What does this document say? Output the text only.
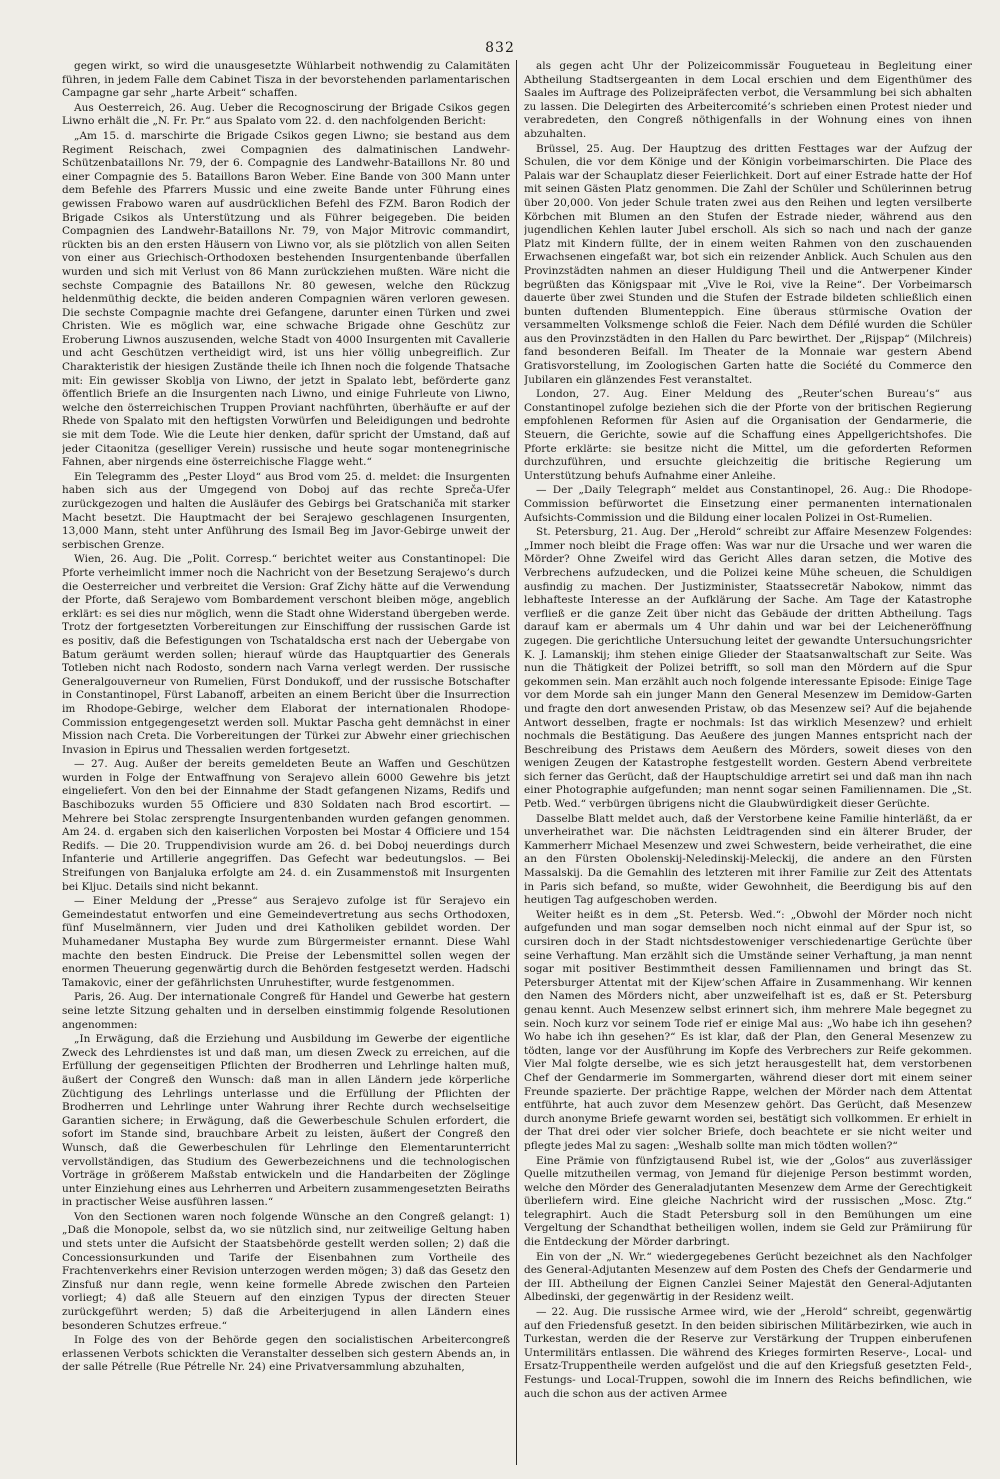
832

gegen wirkt, so wird die unausgesetzte Wühlarbeit nothwendig zu Calamitäten führen, in jedem Falle dem Cabinet Tisza in der bevorstehenden parlamentarischen Campagne gar sehr „harte Arbeit“ schaffen.

Aus Oesterreich, 26. Aug. Ueber die Recognoscirung der Brigade Csikos gegen Liwno erhält die „N. Fr. Pr.“ aus Spalato vom 22. d. den nachfolgenden Bericht:

„Am 15. d. marschirte die Brigade Csikos gegen Liwno; sie bestand aus dem Regiment Reischach, zwei Compagnien des dalmatinischen Landwehr-Schützenbataillons Nr. 79, der 6. Compagnie des Landwehr-Bataillons Nr. 80 und einer Compagnie des 5. Bataillons Baron Weber. Eine Bande von 300 Mann unter dem Befehle des Pfarrers Mussic und eine zweite Bande unter Führung eines gewissen Frabowo waren auf ausdrücklichen Befehl des FZM. Baron Rodich der Brigade Csikos als Unterstützung und als Führer beigegeben. Die beiden Compagnien des Landwehr-Bataillons Nr. 79, von Major Mitrovic commandirt, rückten bis an den ersten Häusern von Liwno vor, als sie plötzlich von allen Seiten von einer aus Griechisch-Orthodoxen bestehenden Insurgentenbande überfallen wurden und sich mit Verlust von 86 Mann zurückziehen mußten. Wäre nicht die sechste Compagnie des Bataillons Nr. 80 gewesen, welche den Rückzug heldenmüthig deckte, die beiden anderen Compagnien wären verloren gewesen. Die sechste Compagnie machte drei Gefangene, darunter einen Türken und zwei Christen. Wie es möglich war, eine schwache Brigade ohne Geschütz zur Eroberung Liwnos auszusenden, welche Stadt von 4000 Insurgenten mit Cavallerie und acht Geschützen vertheidigt wird, ist uns hier völlig unbegreiflich. Zur Charakteristik der hiesigen Zustände theile ich Ihnen noch die folgende Thatsache mit: Ein gewisser Skoblja von Liwno, der jetzt in Spalato lebt, beförderte ganz öffentlich Briefe an die Insurgenten nach Liwno, und einige Fuhrleute von Liwno, welche den österreichischen Truppen Proviant nachführten, überhäufte er auf der Rhede von Spalato mit den heftigsten Vorwürfen und Beleidigungen und bedrohte sie mit dem Tode. Wie die Leute hier denken, dafür spricht der Umstand, daß auf jeder Citaonitza (geselliger Verein) russische und heute sogar montenegrinische Fahnen, aber nirgends eine österreichische Flagge weht.“

Ein Telegramm des „Pester Lloyd“ aus Brod vom 25. d. meldet: die Insurgenten haben sich aus der Umgegend von Doboj auf das rechte Spreča-Ufer zurückgezogen und halten die Ausläufer des Gebirgs bei Gratschaniča mit starker Macht besetzt. Die Hauptmacht der bei Serajewo geschlagenen Insurgenten, 13,000 Mann, steht unter Anführung des Ismail Beg im Javor-Gebirge unweit der serbischen Grenze.

Wien, 26. Aug. Die „Polit. Corresp.“ berichtet weiter aus Constantinopel: Die Pforte verheimlicht immer noch die Nachricht von der Besetzung Serajewo’s durch die Oesterreicher und verbreitet die Version: Graf Zichy hätte auf die Verwendung der Pforte, daß Serajewo vom Bombardement verschont bleiben möge, angeblich erklärt: es sei dies nur möglich, wenn die Stadt ohne Widerstand übergeben werde. Trotz der fortgesetzten Vorbereitungen zur Einschiffung der russischen Garde ist es positiv, daß die Befestigungen von Tschataldscha erst nach der Uebergabe von Batum geräumt werden sollen; hierauf würde das Hauptquartier des Generals Totleben nicht nach Rodosto, sondern nach Varna verlegt werden. Der russische Generalgouverneur von Rumelien, Fürst Dondukoff, und der russische Botschafter in Constantinopel, Fürst Labanoff, arbeiten an einem Bericht über die Insurrection im Rhodope-Gebirge, welcher dem Elaborat der internationalen Rhodope-Commission entgegengesetzt werden soll. Muktar Pascha geht demnächst in einer Mission nach Creta. Die Vorbereitungen der Türkei zur Abwehr einer griechischen Invasion in Epirus und Thessalien werden fortgesetzt.

— 27. Aug. Außer der bereits gemeldeten Beute an Waffen und Geschützen wurden in Folge der Entwaffnung von Serajevo allein 6000 Gewehre bis jetzt eingeliefert. Von den bei der Einnahme der Stadt gefangenen Nizams, Redifs und Baschibozuks wurden 55 Officiere und 830 Soldaten nach Brod escortirt. — Mehrere bei Stolac zersprengte Insurgentenbanden wurden gefangen genommen. Am 24. d. ergaben sich den kaiserlichen Vorposten bei Mostar 4 Officiere und 154 Redifs. — Die 20. Truppendivision wurde am 26. d. bei Doboj neuerdings durch Infanterie und Artillerie angegriffen. Das Gefecht war bedeutungslos. — Bei Streifungen von Banjaluka erfolgte am 24. d. ein Zusammenstoß mit Insurgenten bei Kljuc. Details sind nicht bekannt.

— Einer Meldung der „Presse“ aus Serajevo zufolge ist für Serajevo ein Gemeindestatut entworfen und eine Gemeindevertretung aus sechs Orthodoxen, fünf Muselmännern, vier Juden und drei Katholiken gebildet worden. Der Muhamedaner Mustapha Bey wurde zum Bürgermeister ernannt. Diese Wahl machte den besten Eindruck. Die Preise der Lebensmittel sollen wegen der enormen Theuerung gegenwärtig durch die Behörden festgesetzt werden. Hadschi Tamakovic, einer der gefährlichsten Unruhestifter, wurde festgenommen.

Paris, 26. Aug. Der internationale Congreß für Handel und Gewerbe hat gestern seine letzte Sitzung gehalten und in derselben einstimmig folgende Resolutionen angenommen:

„In Erwägung, daß die Erziehung und Ausbildung im Gewerbe der eigentliche Zweck des Lehrdienstes ist und daß man, um diesen Zweck zu erreichen, auf die Erfüllung der gegenseitigen Pflichten der Brodherren und Lehrlinge halten muß, äußert der Congreß den Wunsch: daß man in allen Ländern jede körperliche Züchtigung des Lehrlings unterlasse und die Erfüllung der Pflichten der Brodherren und Lehrlinge unter Wahrung ihrer Rechte durch wechselseitige Garantien sichere; in Erwägung, daß die Gewerbeschule Schulen erfordert, die sofort im Stande sind, brauchbare Arbeit zu leisten, äußert der Congreß den Wunsch, daß die Gewerbeschulen für Lehrlinge den Elementarunterricht vervollständigen, das Studium des Gewerbezeichnens und die technologischen Vorträge in größerem Maßstab entwickeln und die Handarbeiten der Zöglinge unter Einziehung eines aus Lehrherren und Arbeitern zusammengesetzten Beiraths in practischer Weise ausführen lassen.“

Von den Sectionen waren noch folgende Wünsche an den Congreß gelangt: 1) „Daß die Monopole, selbst da, wo sie nützlich sind, nur zeitweilige Geltung haben und stets unter die Aufsicht der Staatsbehörde gestellt werden sollen; 2) daß die Concessionsurkunden und Tarife der Eisenbahnen zum Vortheile des Frachtenverkehrs einer Revision unterzogen werden mögen; 3) daß das Gesetz den Zinsfuß nur dann regle, wenn keine formelle Abrede zwischen den Parteien vorliegt; 4) daß alle Steuern auf den einzigen Typus der directen Steuer zurückgeführt werden; 5) daß die Arbeiterjugend in allen Ländern eines besonderen Schutzes erfreue.“

In Folge des von der Behörde gegen den socialistischen Arbeitercongreß erlassenen Verbots schickten die Veranstalter desselben sich gestern Abends an, in der salle Pétrelle (Rue Pétrelle Nr. 24) eine Privatversammlung abzuhalten,

als gegen acht Uhr der Polizeicommissär Fougueteau in Begleitung einer Abtheilung Stadtsergeanten in dem Local erschien und dem Eigenthümer des Saales im Auftrage des Polizeipräfecten verbot, die Versammlung bei sich abhalten zu lassen. Die Delegirten des Arbeitercomité’s schrieben einen Protest nieder und verabredeten, den Congreß nöthigenfalls in der Wohnung eines von ihnen abzuhalten.

Brüssel, 25. Aug. Der Hauptzug des dritten Festtages war der Aufzug der Schulen, die vor dem Könige und der Königin vorbeimarschirten. Die Place des Palais war der Schauplatz dieser Feierlichkeit. Dort auf einer Estrade hatte der Hof mit seinen Gästen Platz genommen. Die Zahl der Schüler und Schülerinnen betrug über 20,000. Von jeder Schule traten zwei aus den Reihen und legten versilberte Körbchen mit Blumen an den Stufen der Estrade nieder, während aus den jugendlichen Kehlen lauter Jubel erscholl. Als sich so nach und nach der ganze Platz mit Kindern füllte, der in einem weiten Rahmen von den zuschauenden Erwachsenen eingefaßt war, bot sich ein reizender Anblick. Auch Schulen aus den Provinzstädten nahmen an dieser Huldigung Theil und die Antwerpener Kinder begrüßten das Königspaar mit „Vive le Roi, vive la Reine“. Der Vorbeimarsch dauerte über zwei Stunden und die Stufen der Estrade bildeten schließlich einen bunten duftenden Blumenteppich. Eine überaus stürmische Ovation der versammelten Volksmenge schloß die Feier. Nach dem Défilé wurden die Schüler aus den Provinzstädten in den Hallen du Parc bewirthet. Der „Rijspap“ (Milchreis) fand besonderen Beifall. Im Theater de la Monnaie war gestern Abend Gratisvorstellung, im Zoologischen Garten hatte die Société du Commerce den Jubilaren ein glänzendes Fest veranstaltet.

London, 27. Aug. Einer Meldung des „Reuter’schen Bureau’s“ aus Constantinopel zufolge beziehen sich die der Pforte von der britischen Regierung empfohlenen Reformen für Asien auf die Organisation der Gendarmerie, die Steuern, die Gerichte, sowie auf die Schaffung eines Appellgerichtshofes. Die Pforte erklärte: sie besitze nicht die Mittel, um die geforderten Reformen durchzuführen, und ersuchte gleichzeitig die britische Regierung um Unterstützung behufs Aufnahme einer Anleihe.

— Der „Daily Telegraph“ meldet aus Constantinopel, 26. Aug.: Die Rhodope-Commission befürwortet die Einsetzung einer permanenten internationalen Aufsichts-Commission und die Bildung einer localen Polizei in Ost-Rumelien.

St. Petersburg, 21. Aug. Der „Herold“ schreibt zur Affaire Mesenzew Folgendes: „Immer noch bleibt die Frage offen: Was war nur die Ursache und wer waren die Mörder? Ohne Zweifel wird das Gericht Alles daran setzen, die Motive des Verbrechens aufzudecken, und die Polizei keine Mühe scheuen, die Schuldigen ausfindig zu machen. Der Justizminister, Staatssecretär Nabokow, nimmt das lebhafteste Interesse an der Aufklärung der Sache. Am Tage der Katastrophe verfließ er die ganze Zeit über nicht das Gebäude der dritten Abtheilung. Tags darauf kam er abermals um 4 Uhr dahin und war bei der Leicheneröffnung zugegen. Die gerichtliche Untersuchung leitet der gewandte Untersuchungsrichter K. J. Lamanskij; ihm stehen einige Glieder der Staatsanwaltschaft zur Seite. Was nun die Thätigkeit der Polizei betrifft, so soll man den Mördern auf die Spur gekommen sein. Man erzählt auch noch folgende interessante Episode: Einige Tage vor dem Morde sah ein junger Mann den General Mesenzew im Demidow-Garten und fragte den dort anwesenden Pristaw, ob das Mesenzew sei? Auf die bejahende Antwort desselben, fragte er nochmals: Ist das wirklich Mesenzew? und erhielt nochmals die Bestätigung. Das Aeußere des jungen Mannes entspricht nach der Beschreibung des Pristaws dem Aeußern des Mörders, soweit dieses von den wenigen Zeugen der Katastrophe festgestellt worden. Gestern Abend verbreitete sich ferner das Gerücht, daß der Hauptschuldige arretirt sei und daß man ihn nach einer Photographie aufgefunden; man nennt sogar seinen Familiennamen. Die „St. Petb. Wed.“ verbürgen übrigens nicht die Glaubwürdigkeit dieser Gerüchte.

Dasselbe Blatt meldet auch, daß der Verstorbene keine Familie hinterläßt, da er unverheirathet war. Die nächsten Leidtragenden sind ein älterer Bruder, der Kammerherr Michael Mesenzew und zwei Schwestern, beide verheirathet, die eine an den Fürsten Obolenskij-Neledinskij-Meleckij, die andere an den Fürsten Massalskij. Da die Gemahlin des letzteren mit ihrer Familie zur Zeit des Attentats in Paris sich befand, so mußte, wider Gewohnheit, die Beerdigung bis auf den heutigen Tag aufgeschoben werden.

Weiter heißt es in dem „St. Petersb. Wed.“: „Obwohl der Mörder noch nicht aufgefunden und man sogar demselben noch nicht einmal auf der Spur ist, so cursiren doch in der Stadt nichtsdestoweniger verschiedenartige Gerüchte über seine Verhaftung. Man erzählt sich die Umstände seiner Verhaftung, ja man nennt sogar mit positiver Bestimmtheit dessen Familiennamen und bringt das St. Petersburger Attentat mit der Kijew’schen Affaire in Zusammenhang. Wir kennen den Namen des Mörders nicht, aber unzweifelhaft ist es, daß er St. Petersburg genau kennt. Auch Mesenzew selbst erinnert sich, ihm mehrere Male begegnet zu sein. Noch kurz vor seinem Tode rief er einige Mal aus: „Wo habe ich ihn gesehen? Wo habe ich ihn gesehen?“ Es ist klar, daß der Plan, den General Mesenzew zu tödten, lange vor der Ausführung im Kopfe des Verbrechers zur Reife gekommen. Vier Mal folgte derselbe, wie es sich jetzt herausgestellt hat, dem verstorbenen Chef der Gendarmerie im Sommergarten, während dieser dort mit einem seiner Freunde spazierte. Der prächtige Rappe, welchen der Mörder nach dem Attentat entführte, hat auch zuvor dem Mesenzew gehört. Das Gerücht, daß Mesenzew durch anonyme Briefe gewarnt worden sei, bestätigt sich vollkommen. Er erhielt in der That drei oder vier solcher Briefe, doch beachtete er sie nicht weiter und pflegte jedes Mal zu sagen: „Weshalb sollte man mich tödten wollen?“

Eine Prämie von fünfzigtausend Rubel ist, wie der „Golos“ aus zuverlässiger Quelle mitzutheilen vermag, von Jemand für diejenige Person bestimmt worden, welche den Mörder des Generaladjutanten Mesenzew dem Arme der Gerechtigkeit überliefern wird. Eine gleiche Nachricht wird der russischen „Mosc. Ztg.“ telegraphirt. Auch die Stadt Petersburg soll in den Bemühungen um eine Vergeltung der Schandthat betheiligen wollen, indem sie Geld zur Prämiirung für die Entdeckung der Mörder darbringt.

Ein von der „N. Wr.“ wiedergegebenes Gerücht bezeichnet als den Nachfolger des General-Adjutanten Mesenzew auf dem Posten des Chefs der Gendarmerie und der III. Abtheilung der Eignen Canzlei Seiner Majestät den General-Adjutanten Albedinski, der gegenwärtig in der Residenz weilt.

— 22. Aug. Die russische Armee wird, wie der „Herold“ schreibt, gegenwärtig auf den Friedensfuß gesetzt. In den beiden sibirischen Militärbezirken, wie auch in Turkestan, werden die der Reserve zur Verstärkung der Truppen einberufenen Untermilitärs entlassen. Die während des Krieges formirten Reserve-, Local- und Ersatz-Truppentheile werden aufgelöst und die auf den Kriegsfuß gesetzten Feld-, Festungs- und Local-Truppen, sowohl die im Innern des Reichs befindlichen, wie auch die schon aus der activen Armee
